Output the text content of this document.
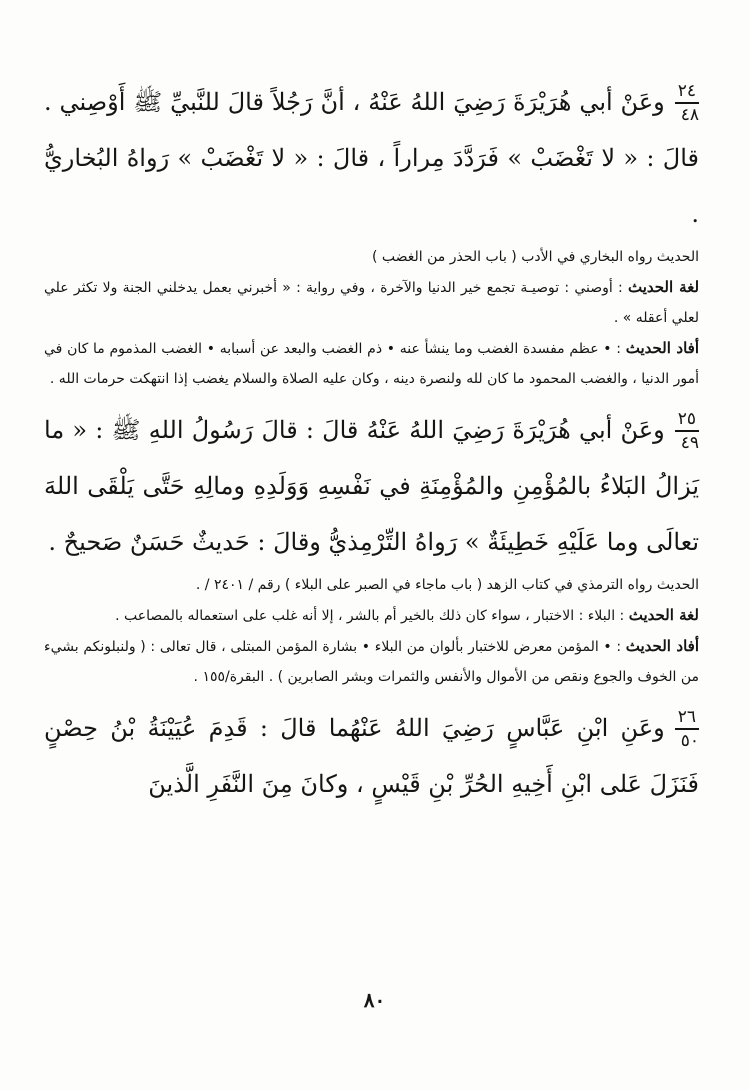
٢٤
٤٨
وعَنْ أبي هُرَيْرَةَ رَضِيَ اللهُ عَنْهُ ، أنَّ رَجُلاً قالَ للنَّبيِّ ﷺ أَوْصِني . قالَ : « لا تَغْضَبْ » فَرَدَّدَ مِراراً ، قالَ : « لا تَغْضَبْ » رَواهُ البُخاريُّ .

الحديث رواه البخاري في الأدب ( باب الحذر من الغضب )

لغة الحديث : أوصني : توصيـة تجمع خير الدنيا والآخرة ، وفي رواية : « أخبرني بعمل يدخلني الجنة ولا تكثر علي لعلي أعقله » .

أفاد الحديث : • عظم مفسدة الغضب وما ينشأ عنه • ذم الغضب والبعد عن أسبابه • الغضب المذموم ما كان في أمور الدنيا ، والغضب المحمود ما كان لله ولنصرة دينه ، وكان عليه الصلاة والسلام يغضب إذا انتهكت حرمات الله .

٢٥
٤٩
وعَنْ أبي هُرَيْرَةَ رَضِيَ اللهُ عَنْهُ قالَ : قالَ رَسُولُ اللهِ ﷺ : « ما يَزالُ البَلاءُ بالمُؤْمِنِ والمُؤْمِنَةِ في نَفْسِهِ وَوَلَدِهِ ومالِهِ حَتَّى يَلْقَى اللهَ تعالَى وما عَلَيْهِ خَطِيئَةٌ » رَواهُ التِّرْمِذيُّ وقالَ : حَديثٌ حَسَنٌ صَحيحٌ .

الحديث رواه الترمذي في كتاب الزهد ( باب ماجاء في الصبر على البلاء ) رقم / ٢٤٠١ / .

لغة الحديث : البلاء : الاختبار ، سواء كان ذلك بالخير أم بالشر ، إلا أنه غلب على استعماله بالمصاعب .

أفاد الحديث : • المؤمن معرض للاختبار بألوان من البلاء • بشارة المؤمن المبتلى ، قال تعالى : ( ولنبلونكم بشيء من الخوف والجوع ونقص من الأموال والأنفس والثمرات وبشر الصابرين ) . البقرة/١٥٥ .

٢٦
٥٠
وعَنِ ابْنِ عَبَّاسٍ رَضِيَ اللهُ عَنْهُما قالَ : قَدِمَ عُيَيْنَةُ بْنُ حِصْنٍ فَنَزَلَ عَلى ابْنِ أَخِيهِ الحُرِّ بْنِ قَيْسٍ ، وكانَ مِنَ النَّفَرِ الَّذينَ

٨٠
